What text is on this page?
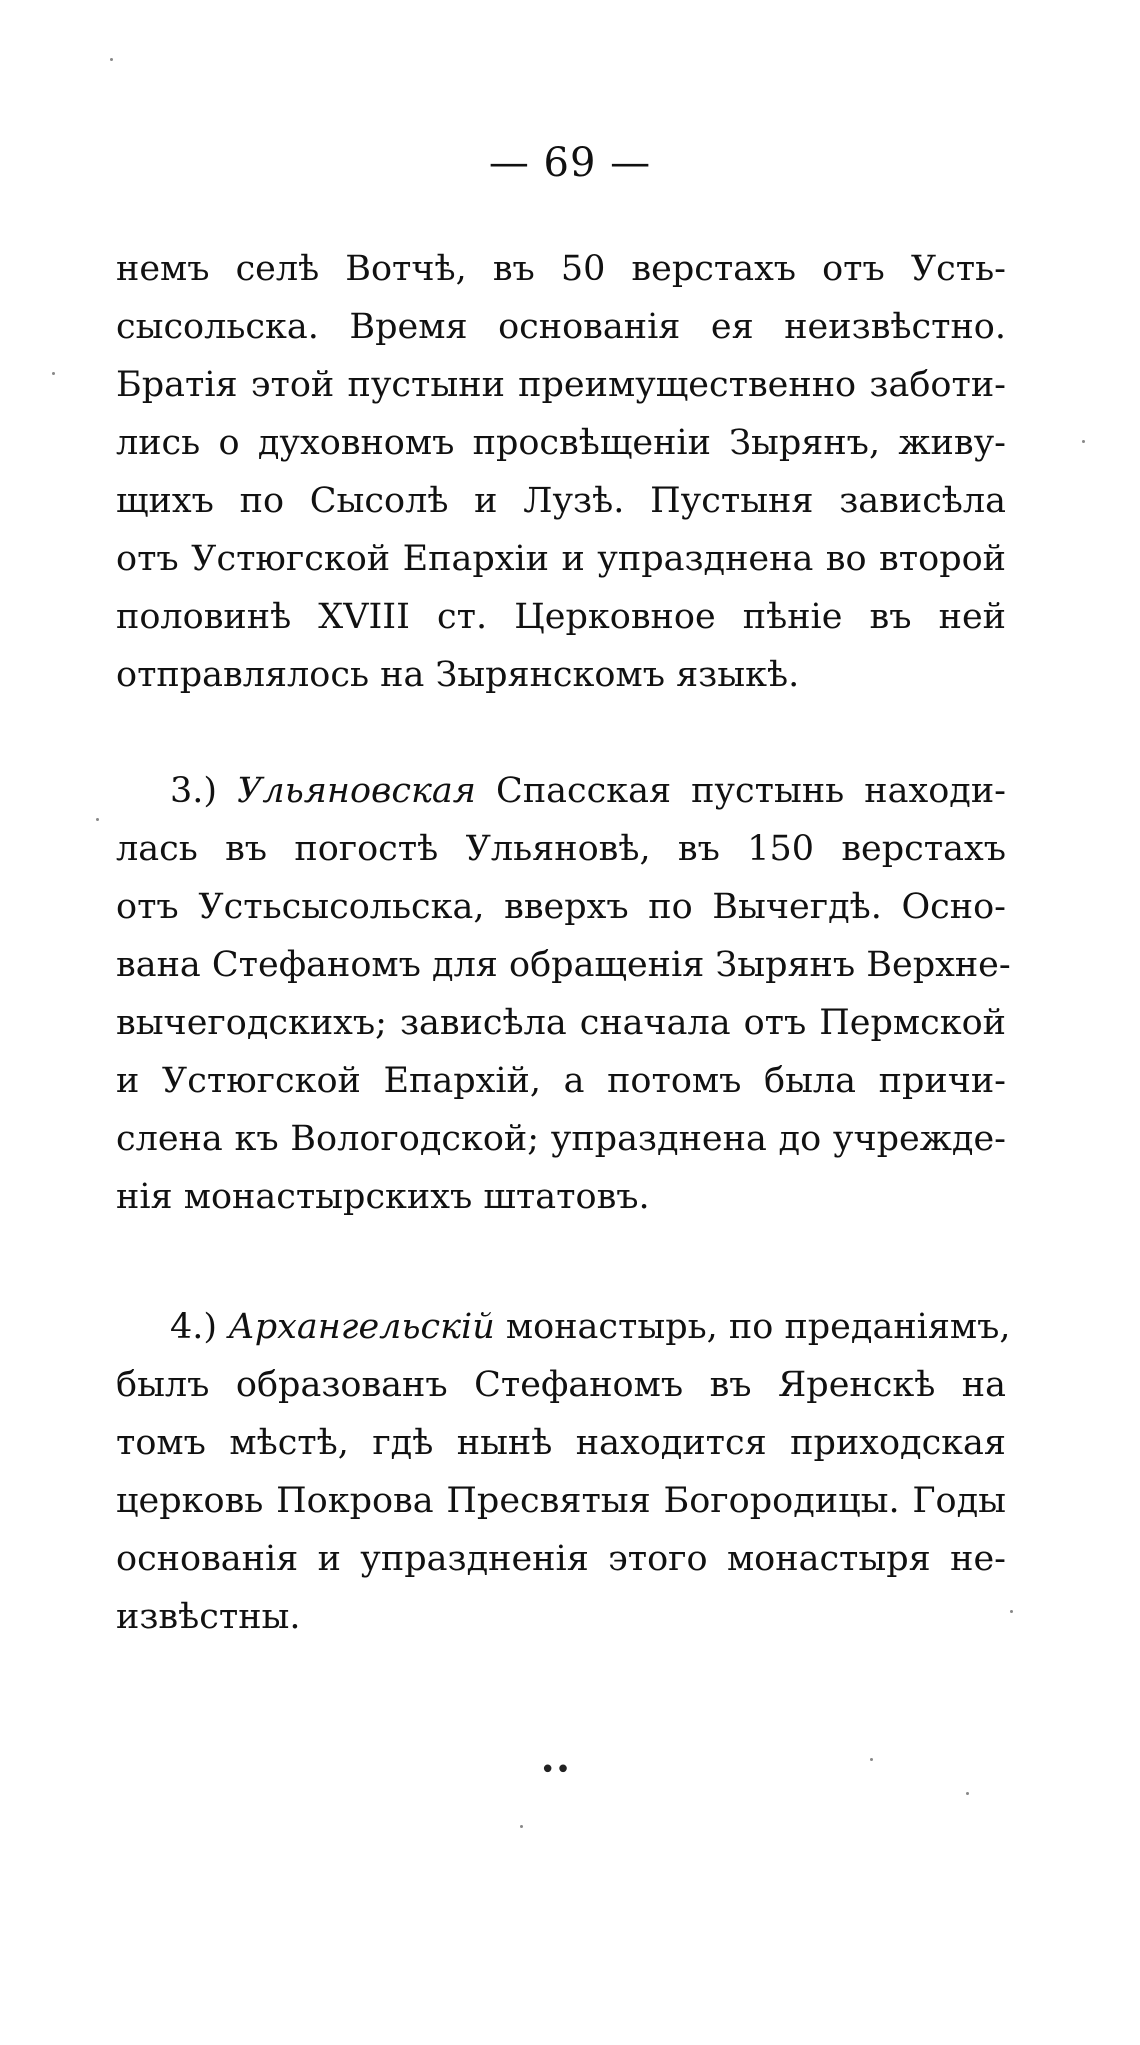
— 69 —
немъ селѣ Вотчѣ, въ 50 верстахъ отъ Усть-
сысольска. Время основанія ея неизвѣстно.
Братія этой пустыни преимущественно заботи-
лись о духовномъ просвѣщеніи Зырянъ, живу-
щихъ по Сысолѣ и Лузѣ. Пустыня зависѣла
отъ Устюгской Епархіи и упразднена во второй
половинѣ XVIII ст. Церковное пѣніе въ ней
отправлялось на Зырянскомъ языкѣ.
3.) Ульяновская Спасская пустынь находи-
лась въ погостѣ Ульяновѣ, въ 150 верстахъ
отъ Устьсысольска, вверхъ по Вычегдѣ. Осно-
вана Стефаномъ для обращенія Зырянъ Верхне-
вычегодскихъ; зависѣла сначала отъ Пермской
и Устюгской Епархій, а потомъ была причи-
слена къ Вологодской; упразднена до учрежде-
нія монастырскихъ штатовъ.
4.) Архангельскій монастырь, по преданіямъ,
былъ образованъ Стефаномъ въ Яренскѣ на
томъ мѣстѣ, гдѣ нынѣ находится приходская
церковь Покрова Пресвятыя Богородицы. Годы
основанія и упраздненія этого монастыря не-
извѣстны.
••
